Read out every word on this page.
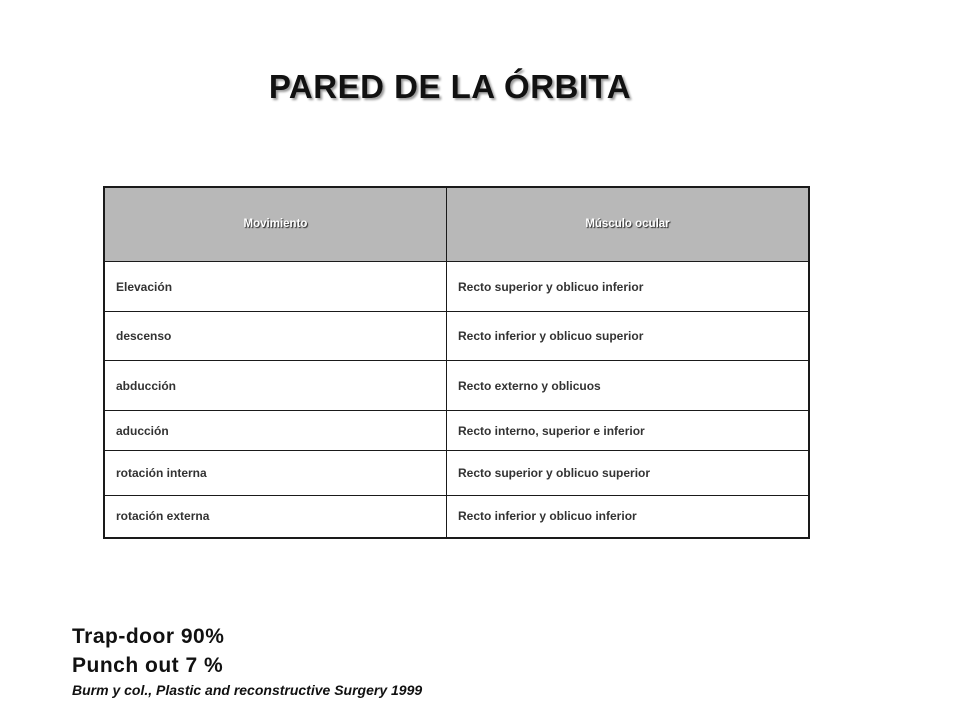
PARED DE LA ÓRBITA
Movimiento	Músculo ocular

Elevación	Recto superior y oblicuo inferior
descenso	Recto inferior y oblicuo superior
abducción	Recto externo y oblicuos
aducción	Recto interno, superior e inferior
rotación interna	Recto superior y oblicuo superior
rotación externa	Recto inferior y oblicuo inferior
Trap-door 90%
Punch out 7 %
Burm y col., Plastic and reconstructive Surgery 1999
